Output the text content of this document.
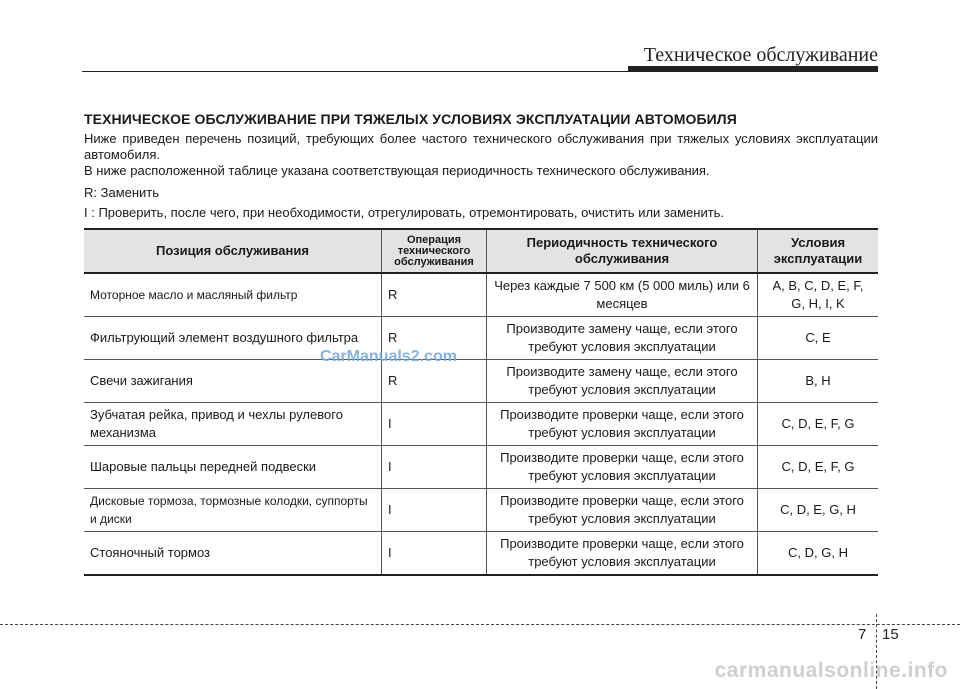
Техническое обслуживание
ТЕХНИЧЕСКОЕ ОБСЛУЖИВАНИЕ ПРИ ТЯЖЕЛЫХ УСЛОВИЯХ ЭКСПЛУАТАЦИИ АВТОМОБИЛЯ

Ниже приведен перечень позиций, требующих более частого технического обслуживания при тяжелых условиях эксплуатации автомобиля.

В ниже расположенной таблице указана соответствующая периодичность технического обслуживания.

R: Заменить

I : Проверить, после чего, при необходимости, отрегулировать, отремонтировать, очистить или заменить.

Позиция обслуживания	Операция технического обслуживания	Периодичность технического обслуживания	Условия эксплуатации
Моторное масло и масляный фильтр	R	Через каждые 7 500 км (5 000 миль) или 6 месяцев	A, B, C, D, E, F, G, H, I, K
Фильтрующий элемент воздушного фильтра	R	Производите замену чаще, если этого требуют условия эксплуатации	C, E
Свечи зажигания	R	Производите замену чаще, если этого требуют условия эксплуатации	B, H
Зубчатая рейка, привод и чехлы рулевого механизма	I	Производите проверки чаще, если этого требуют условия эксплуатации	C, D, E, F, G
Шаровые пальцы передней подвески	I	Производите проверки чаще, если этого требуют условия эксплуатации	C, D, E, F, G
Дисковые тормоза, тормозные колодки, суппорты и диски	I	Производите проверки чаще, если этого требуют условия эксплуатации	C, D, E, G, H
Стояночный тормоз	I	Производите проверки чаще, если этого требуют условия эксплуатации	C, D, G, H
CarManuals2.com
7 15
carmanualsonline.info
